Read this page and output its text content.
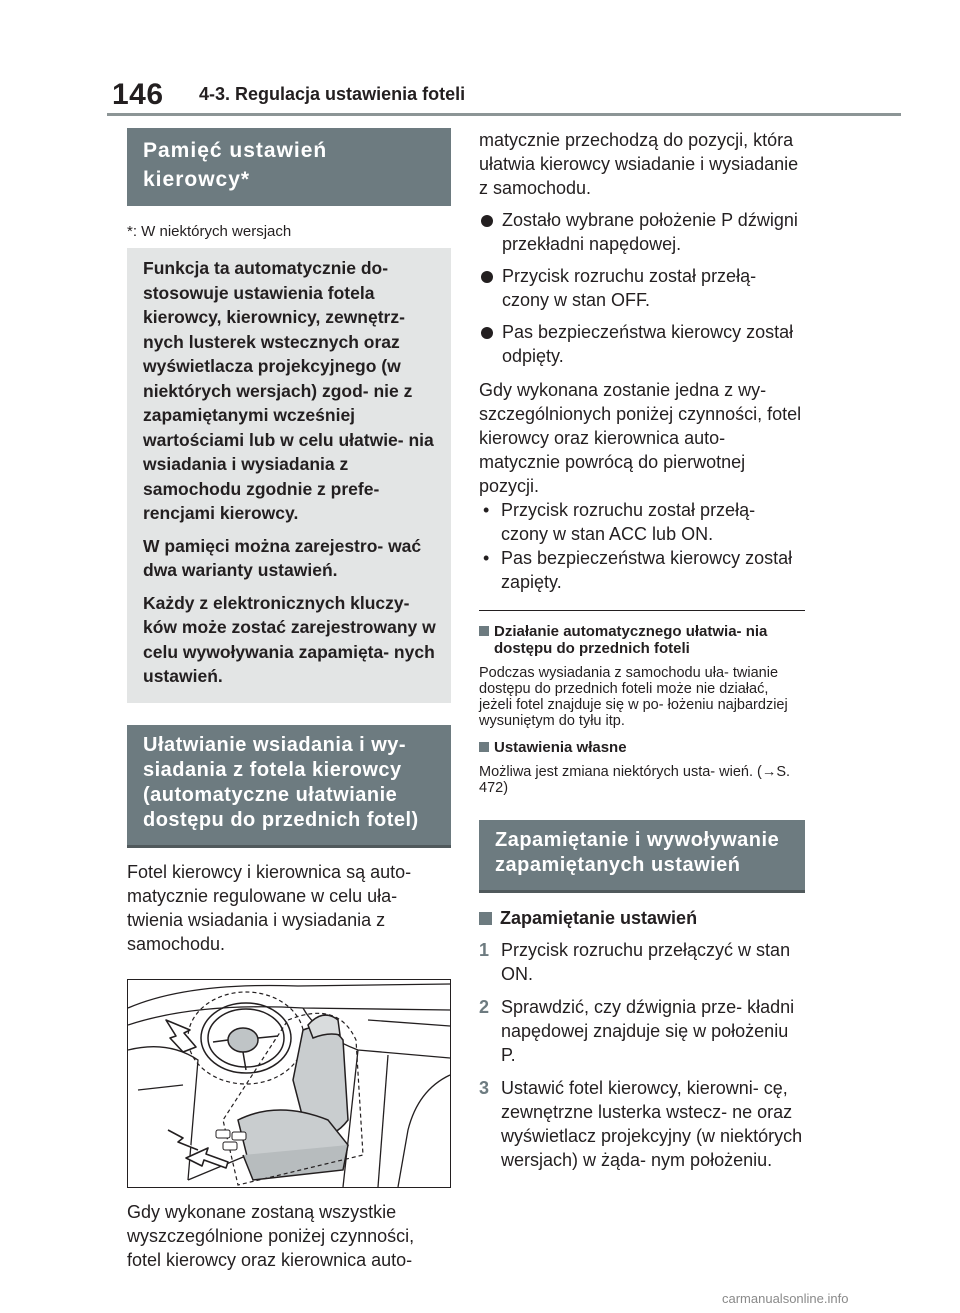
146 4-3. Regulacja ustawienia foteli
Pamięć ustawień kierowcy*
*: W niektórych wersjach

Funkcja ta automatycznie do- stosowuje ustawienia fotela kierowcy, kierownicy, zewnętrz- nych lusterek wstecznych oraz wyświetlacza projekcyjnego (w niektórych wersjach) zgod- nie z zapamiętanymi wcześniej wartościami lub w celu ułatwie- nia wsiadania i wysiadania z samochodu zgodnie z prefe- rencjami kierowcy.

W pamięci można zarejestro- wać dwa warianty ustawień.

Każdy z elektronicznych kluczy- ków może zostać zarejestrowany w celu wywoływania zapamięta- nych ustawień.

Ułatwianie wsiadania i wy- siadania z fotela kierowcy (automatyczne ułatwianie dostępu do przednich fotel)
Fotel kierowcy i kierownica są auto- matycznie regulowane w celu uła- twienia wsiadania i wysiadania z samochodu.
Gdy wykonane zostaną wszystkie wyszczególnione poniżej czynności, fotel kierowcy oraz kierownica auto-
matycznie przechodzą do pozycji, która ułatwia kierowcy wsiadanie i wysiadanie z samochodu.
Zostało wybrane położenie P dźwigni przekładni napędowej.
Przycisk rozruchu został przełą- czony w stan OFF.
Pas bezpieczeństwa kierowcy został odpięty.
Gdy wykonana zostanie jedna z wy- szczególnionych poniżej czynności, fotel kierowcy oraz kierownica auto- matycznie powrócą do pierwotnej pozycji.
• Przycisk rozruchu został przełą- czony w stan ACC lub ON.
• Pas bezpieczeństwa kierowcy został zapięty.
Działanie automatycznego ułatwia- nia dostępu do przednich foteli
Podczas wysiadania z samochodu uła- twianie dostępu do przednich foteli może nie działać, jeżeli fotel znajduje się w po- łożeniu najbardziej wysuniętym do tyłu itp.
Ustawienia własne
Możliwa jest zmiana niektórych usta- wień. (→S. 472)
Zapamiętanie i wywoływanie zapamiętanych ustawień
Zapamiętanie ustawień
1 Przycisk rozruchu przełączyć w stan ON.
2 Sprawdzić, czy dźwignia prze- kładni napędowej znajduje się w położeniu P.
3 Ustawić fotel kierowcy, kierowni- cę, zewnętrzne lusterka wstecz- ne oraz wyświetlacz projekcyjny (w niektórych wersjach) w żąda- nym położeniu.
carmanualsonline.info
